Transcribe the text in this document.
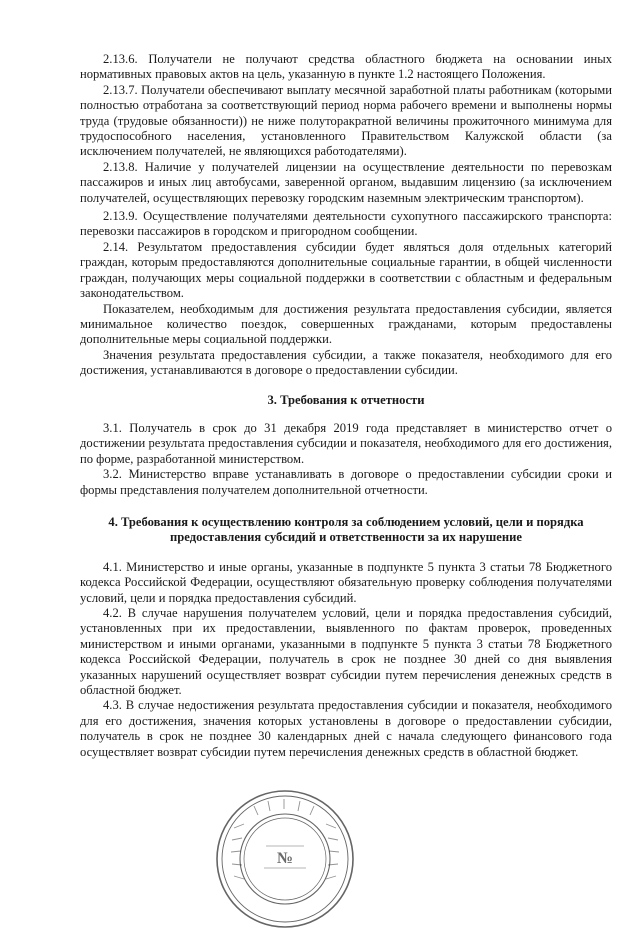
2.13.6. Получатели не получают средства областного бюджета на основании иных нормативных правовых актов на цель, указанную в пункте 1.2 настоящего Положения.

2.13.7. Получатели обеспечивают выплату месячной заработной платы работникам (которыми полностью отработана за соответствующий период норма рабочего времени и выполнены нормы труда (трудовые обязанности)) не ниже полуторакратной величины прожиточного минимума для трудоспособного населения, установленного Правительством Калужской области (за исключением получателей, не являющихся работодателями).

2.13.8. Наличие у получателей лицензии на осуществление деятельности по перевозкам пассажиров и иных лиц автобусами, заверенной органом, выдавшим лицензию (за исключением получателей, осуществляющих перевозку городским наземным электрическим транспортом).

2.13.9. Осуществление получателями деятельности сухопутного пассажирского транспорта: перевозки пассажиров в городском и пригородном сообщении.

2.14. Результатом предоставления субсидии будет являться доля отдельных категорий граждан, которым предоставляются дополнительные социальные гарантии, в общей численности граждан, получающих меры социальной поддержки в соответствии с областным и федеральным законодательством.

Показателем, необходимым для достижения результата предоставления субсидии, является минимальное количество поездок, совершенных гражданами, которым предоставлены дополнительные меры социальной поддержки.

Значения результата предоставления субсидии, а также показателя, необходимого для его достижения, устанавливаются в договоре о предоставлении субсидии.

3. Требования к отчетности

3.1. Получатель в срок до 31 декабря 2019 года представляет в министерство отчет о достижении результата предоставления субсидии и показателя, необходимого для его достижения, по форме, разработанной министерством.

3.2. Министерство вправе устанавливать в договоре о предоставлении субсидии сроки и формы представления получателем дополнительной отчетности.

4. Требования к осуществлению контроля за соблюдением условий, цели и порядка предоставления субсидий и ответственности за их нарушение

4.1. Министерство и иные органы, указанные в подпункте 5 пункта 3 статьи 78 Бюджетного кодекса Российской Федерации, осуществляют обязательную проверку соблюдения получателями условий, цели и порядка предоставления субсидий.

4.2. В случае нарушения получателем условий, цели и порядка предоставления субсидий, установленных при их предоставлении, выявленного по фактам проверок, проведенных министерством и иными органами, указанными в подпункте 5 пункта 3 статьи 78 Бюджетного кодекса Российской Федерации, получатель в срок не позднее 30 дней со дня выявления указанных нарушений осуществляет возврат субсидии путем перечисления денежных средств в областной бюджет.

4.3. В случае недостижения результата предоставления субсидии и показателя, необходимого для его достижения, значения которых установлены в договоре о предоставлении субсидии, получатель в срок не позднее 30 календарных дней с начала следующего финансового года осуществляет возврат субсидии путем перечисления денежных средств в областной бюджет.

№
